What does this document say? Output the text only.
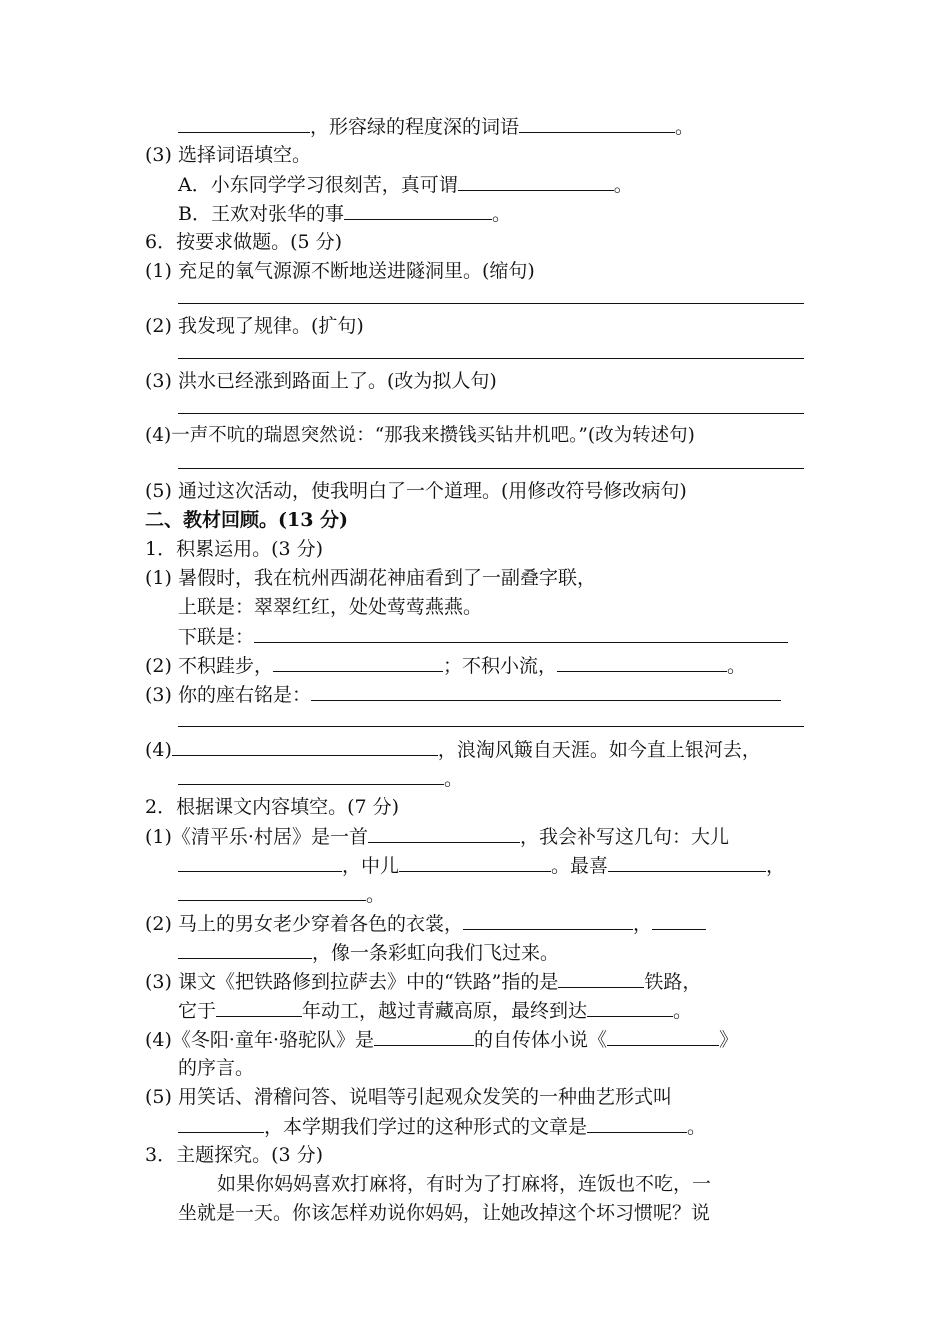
，形容绿的程度深的词语	。
(3) 选择词语填空。
A．小东同学学习很刻苦，真可谓	。
B．王欢对张华的事	。
6．按要求做题。(5 分)
(1) 充足的氧气源源不断地送进隧洞里。(缩句)
(2) 我发现了规律。(扩句)
(3) 洪水已经涨到路面上了。(改为拟人句)
(4)一声不吭的瑞恩突然说：“那我来攒钱买钻井机吧。”(改为转述句)
(5) 通过这次活动，使我明白了一个道理。(用修改符号修改病句)
二、教材回顾。(13 分)
1．积累运用。(3 分)
(1) 暑假时，我在杭州西湖花神庙看到了一副叠字联，
上联是：翠翠红红，处处莺莺燕燕。
下联是：
(2) 不积跬步，	；不积小流，	。
(3) 你的座右铭是：
(4)	，浪淘风簸自天涯。如今直上银河去，
。
2．根据课文内容填空。(7 分)
(1)《清平乐·村居》是一首	，我会补写这几句：大儿
，中儿	。最喜	，
。
(2) 马上的男女老少穿着各色的衣裳，	，
，像一条彩虹向我们飞过来。
(3) 课文《把铁路修到拉萨去》中的“铁路”指的是	铁路，
它于	年动工，越过青藏高原，最终到达	。
(4)《冬阳·童年·骆驼队》是	的自传体小说《	》
的序言。
(5) 用笑话、滑稽问答、说唱等引起观众发笑的一种曲艺形式叫
，本学期我们学过的这种形式的文章是	。
3．主题探究。(3 分)
如果你妈妈喜欢打麻将，有时为了打麻将，连饭也不吃，一
坐就是一天。你该怎样劝说你妈妈，让她改掉这个坏习惯呢？说
